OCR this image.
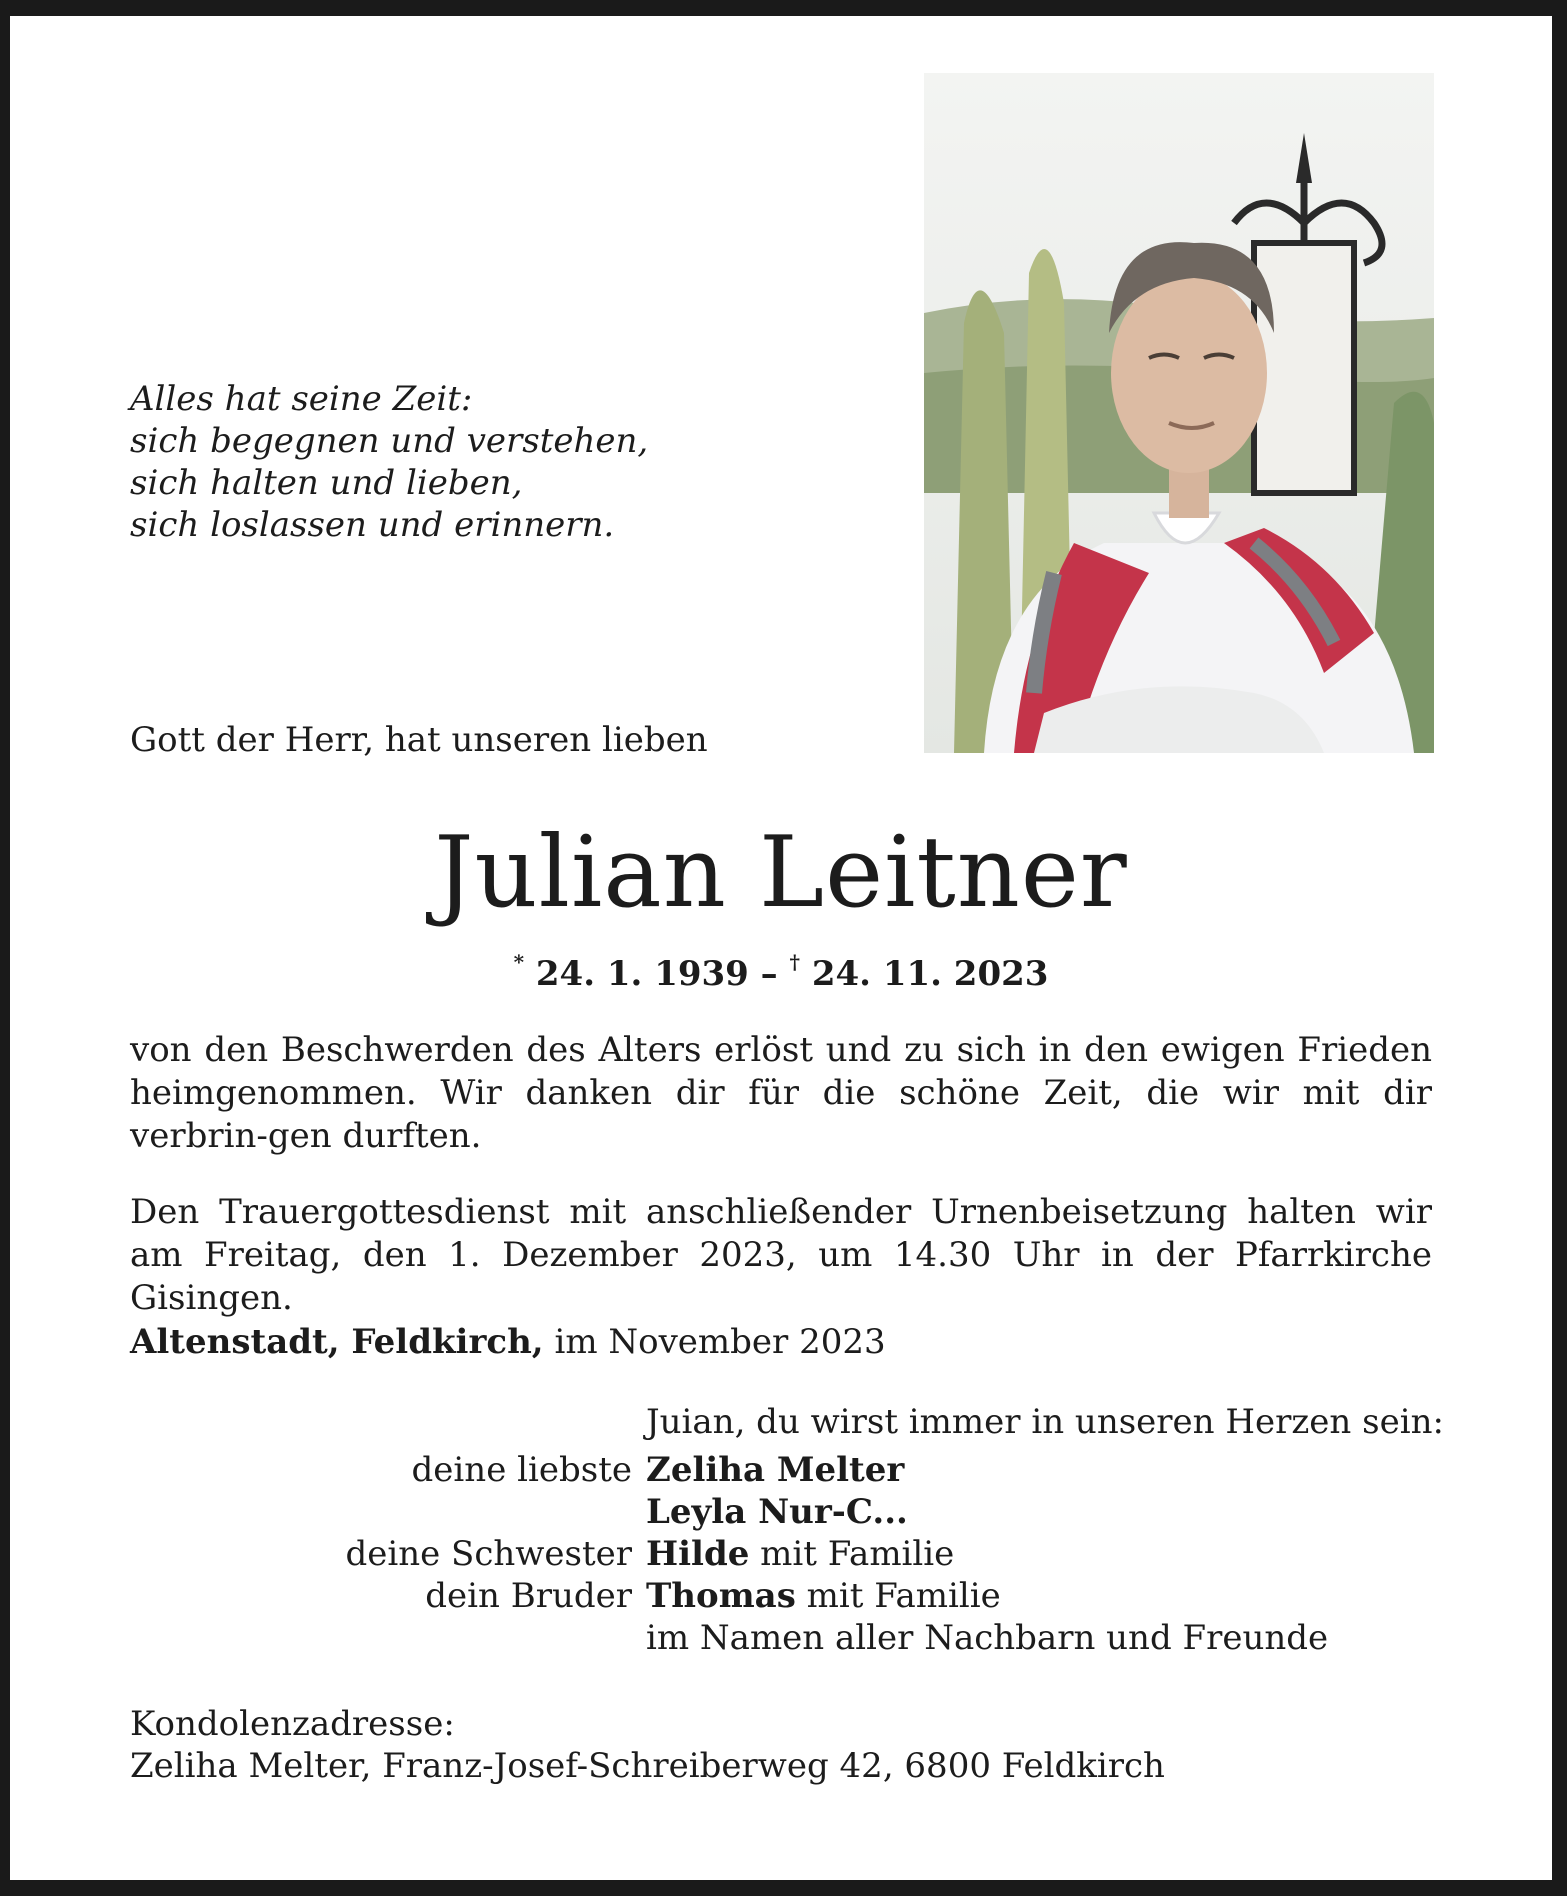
Alles hat seine Zeit:
sich begegnen und verstehen,
sich halten und lieben,
sich loslassen und erinnern.
Gott der Herr, hat unseren lieben
Julian Leitner
* 24. 1. 1939 – † 24. 11. 2023
von den Beschwerden des Alters erlöst und zu sich in den ewigen Frieden heimgenommen. Wir danken dir für die schöne Zeit, die wir mit dir verbrin-gen durften.
Den Trauergottesdienst mit anschließender Urnenbeisetzung halten wir am Freitag, den 1. Dezember 2023, um 14.30 Uhr in der Pfarrkirche Gisingen.
Altenstadt, Feldkirch, im November 2023
Juian, du wirst immer in unseren Herzen sein:
deine liebste Zeliha Melter
Leyla Nur-C...
deine Schwester Hilde mit Familie
dein Bruder Thomas mit Familie
im Namen aller Nachbarn und Freunde
Kondolenzadresse:
Zeliha Melter, Franz-Josef-Schreiberweg 42, 6800 Feldkirch
